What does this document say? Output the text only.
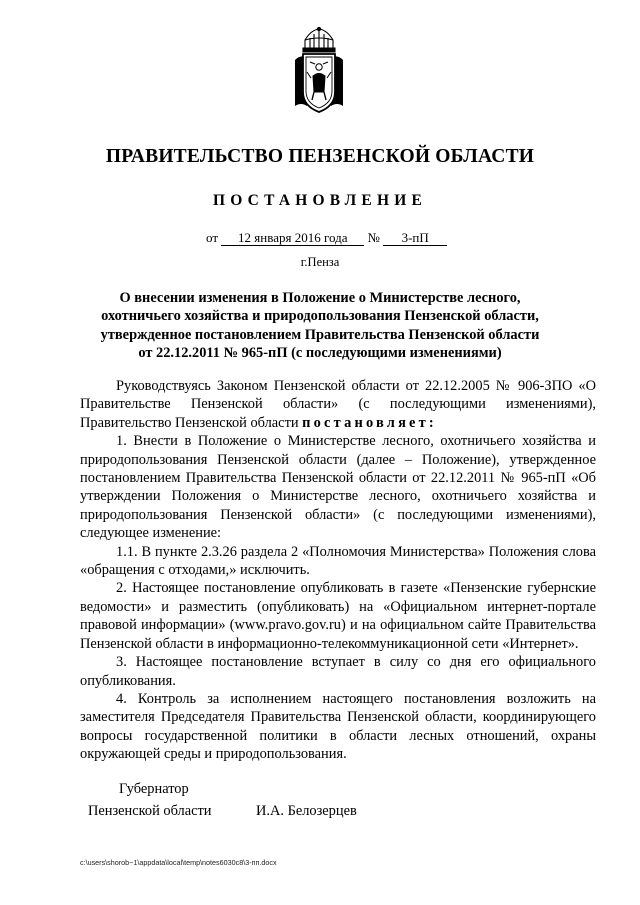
ПРАВИТЕЛЬСТВО ПЕНЗЕНСКОЙ ОБЛАСТИ
ПОСТАНОВЛЕНИЕ
от 12 января 2016 года № 3-пП
г.Пенза
О внесении изменения в Положение о Министерстве лесного,
охотничьего хозяйства и природопользования Пензенской области,
утвержденное постановлением Правительства Пензенской области
от 22.12.2011 № 965-пП (с последующими изменениями)

Руководствуясь Законом Пензенской области от 22.12.2005 № 906-ЗПО «О Правительстве Пензенской области» (с последующими изменениями), Правительство Пензенской области постановляет:

1. Внести в Положение о Министерстве лесного, охотничьего хозяйства и природопользования Пензенской области (далее – Положение), утвержденное постановлением Правительства Пензенской области от 22.12.2011 № 965-пП «Об утверждении Положения о Министерстве лесного, охотничьего хозяйства и природопользования Пензенской области» (с последующими изменениями), следующее изменение:

1.1. В пункте 2.3.26 раздела 2 «Полномочия Министерства» Положения слова «обращения с отходами,» исключить.

2. Настоящее постановление опубликовать в газете «Пензенские губернские ведомости» и разместить (опубликовать) на «Официальном интернет-портале правовой информации» (www.pravo.gov.ru) и на официальном сайте Правительства Пензенской области в информационно-телекоммуникационной сети «Интернет».

3. Настоящее постановление вступает в силу со дня его официального опубликования.

4. Контроль за исполнением настоящего постановления возложить на заместителя Председателя Правительства Пензенской области, координирующего вопросы государственной политики в области лесных отношений, охраны окружающей среды и природопользования.

Губернатор
Пензенской области	И.А. Белозерцев
c:\users\shorob~1\appdata\local\temp\notes6030c8\3-пп.docx
